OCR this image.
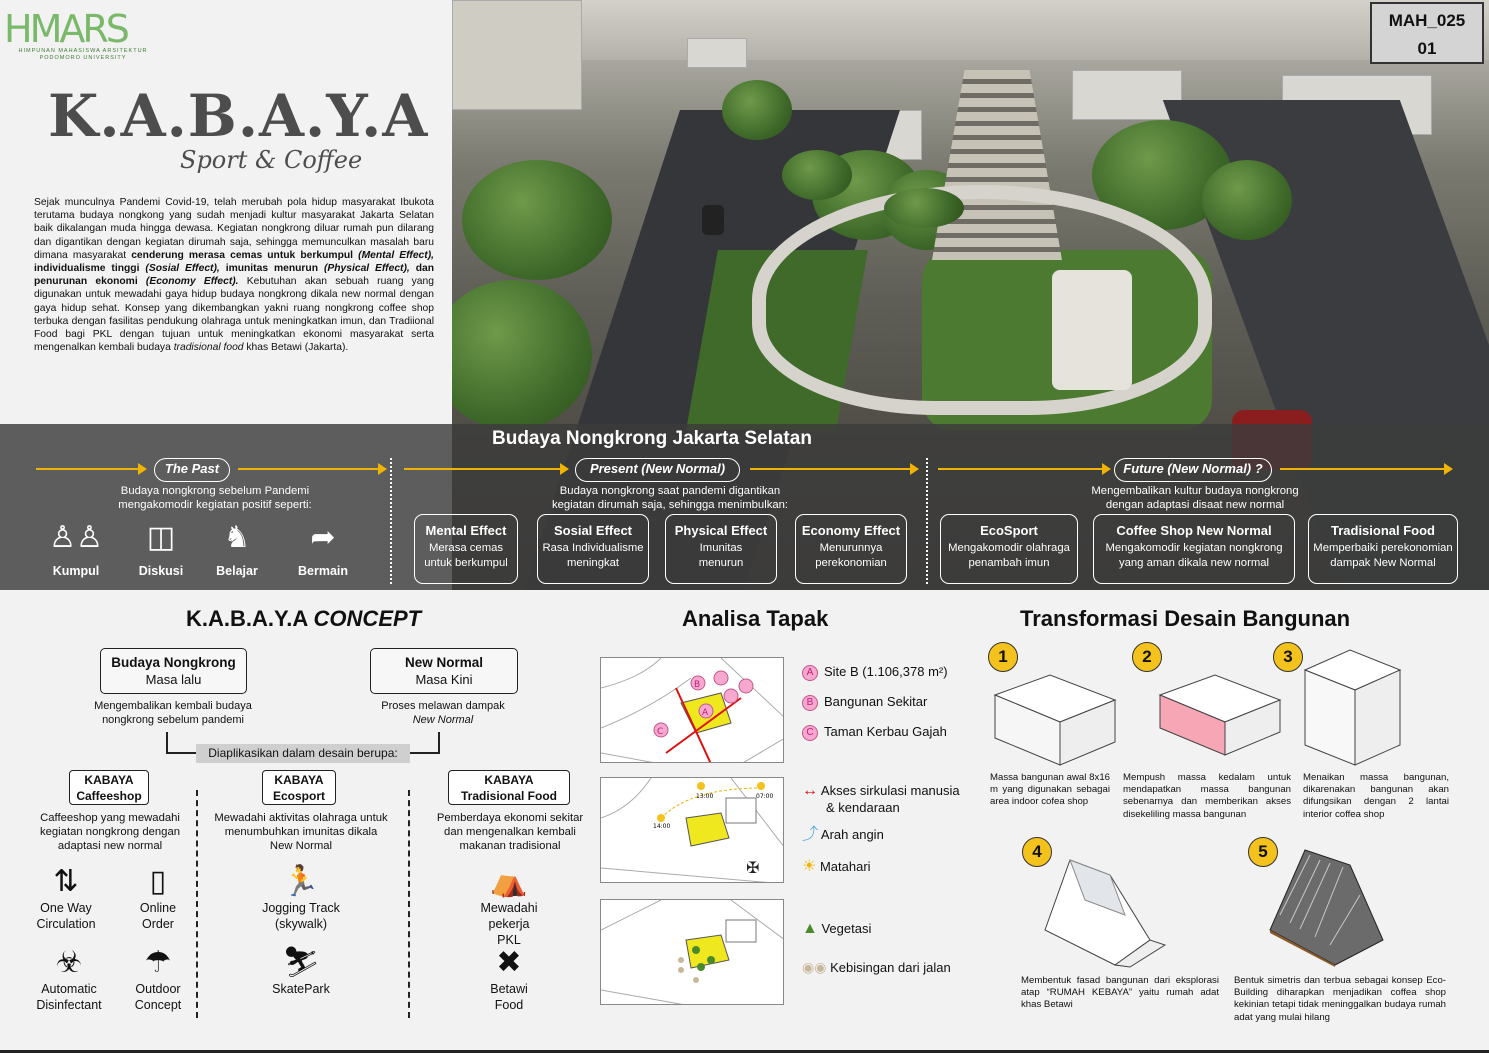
HMARS
HIMPUNAN MAHASISWA ARSITEKTUR
PODOMORO UNIVERSITY
K.A.B.A.Y.A
Sport & Coffee
MAH_025
01
Sejak munculnya Pandemi Covid-19, telah merubah pola hidup masyarakat Ibukota terutama budaya nongkong yang sudah menjadi kultur masyarakat Jakarta Selatan baik dikalangan muda hingga dewasa. Kegiatan nongkrong diluar rumah pun dilarang dan digantikan dengan kegiatan dirumah saja, sehingga memunculkan masalah baru dimana masyarakat cenderung merasa cemas untuk berkumpul (Mental Effect), individualisme tinggi (Sosial Effect), imunitas menurun (Physical Effect), dan penurunan ekonomi (Economy Effect). Kebutuhan akan sebuah ruang yang digunakan untuk mewadahi gaya hidup budaya nongkrong dikala new normal dengan gaya hidup sehat. Konsep yang dikembangkan yakni ruang nongkrong coffee shop terbuka dengan fasilitas pendukung olahraga untuk meningkatkan imun, dan Tradiional Food bagi PKL dengan tujuan untuk meningkatkan ekonomi masyarakat serta mengenalkan kembali budaya tradisional food khas Betawi (Jakarta).
Budaya Nongkrong Jakarta Selatan
The Past	Present (New Normal)	Future (New Normal) ?
Budaya nongkrong sebelum Pandemi
mengakomodir kegiatan positif seperti:
Budaya nongkrong saat pandemi digantikan
kegiatan dirumah saja, sehingga menimbulkan:
Mengembalikan kultur budaya nongkrong
dengan adaptasi disaat new normal
♙♙	◫	♞	➦
Kumpul	Diskusi	Belajar	Bermain
Mental Effect
Merasa cemas
untuk berkumpul
Sosial Effect
Rasa Individualisme
meningkat
Physical Effect
Imunitas
menurun
Economy Effect
Menurunnya
perekonomian
EcoSport
Mengakomodir olahraga
penambah imun
Coffee Shop New Normal
Mengakomodir kegiatan nongkrong
yang aman dikala new normal
Tradisional Food
Memperbaiki perekonomian
dampak New Normal
K.A.B.A.Y.A CONCEPT
Budaya Nongkrong
Masa lalu
New Normal
Masa Kini
Mengembalikan kembali budaya
nongkrong sebelum pandemi
Proses melawan dampak
New Normal
Diaplikasikan dalam desain berupa:
KABAYA
Caffeeshop
KABAYA
Ecosport
KABAYA
Tradisional Food
Caffeeshop yang mewadahi
kegiatan nongkrong dengan
adaptasi new normal
Mewadahi aktivitas olahraga untuk
menumbuhkan imunitas dikala
New Normal
Pemberdaya ekonomi sekitar
dan mengenalkan kembali
makanan tradisional
⇅
One Way
Circulation
▯
Online
Order
☣
Automatic
Disinfectant
☂
Outdoor
Concept
🏃
Jogging Track
(skywalk)
⛷
SkatePark
⛺
Mewadahi pekerja
PKL
✖
Betawi
Food
Analisa Tapak
A
B
C
13:00	07:00
14:00
✠
A Site B (1.106,378 m²)
B Bangunan Sekitar
C Taman Kerbau Gajah
↔ Akses sirkulasi manusia
& kendaraan
⤴ Arah angin
☀ Matahari
▲ Vegetasi
◉◉ Kebisingan dari jalan
Transformasi Desain Bangunan
1	2	3
4	5
Massa bangunan awal 8x16 m yang digunakan sebagai area indoor cofea shop
Mempush massa kedalam untuk mendapatkan massa bangunan sebenarnya dan memberikan akses disekeliling massa bangunan
Menaikan massa bangunan, dikarenakan bangunan akan difungsikan dengan 2 lantai interior coffea shop
Membentuk fasad bangunan dari eksplorasi atap “RUMAH KEBAYA” yaitu rumah adat khas Betawi
Bentuk simetris dan terbua sebagai konsep Eco-Building diharapkan menjadikan coffea shop kekinian tetapi tidak meninggalkan budaya rumah adat yang mulai hilang
